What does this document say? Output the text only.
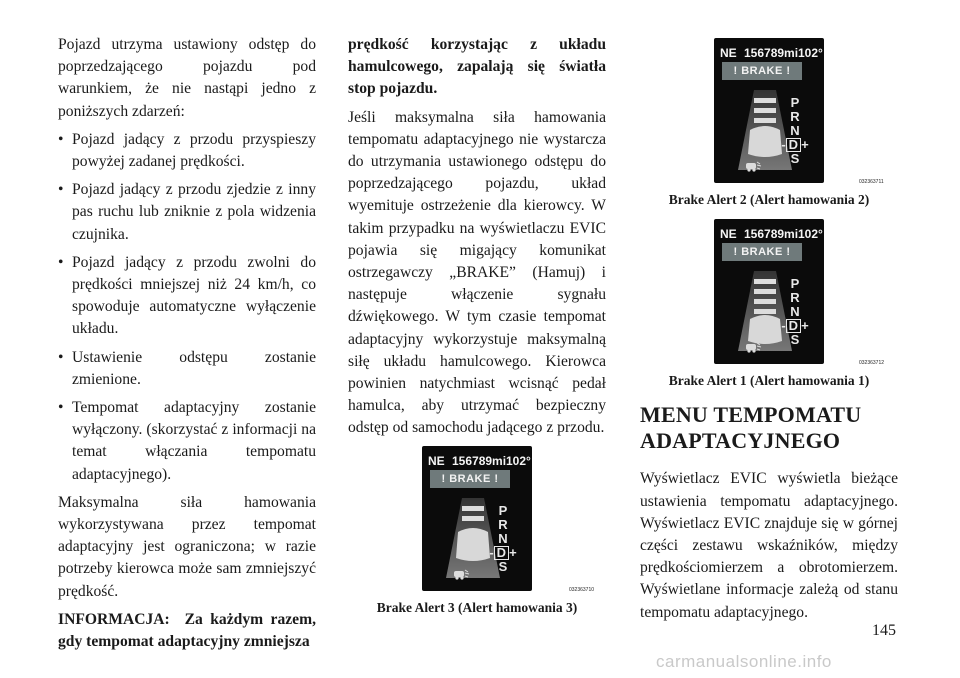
Pojazd utrzyma ustawiony odstęp do poprzedzającego pojazdu pod warunkiem, że nie nastąpi jedno z poniższych zdarzeń:

• Pojazd jadący z przodu przyspieszy powyżej zadanej prędkości.
• Pojazd jadący z przodu zjedzie z inny pas ruchu lub zniknie z pola widzenia czujnika.
• Pojazd jadący z przodu zwolni do prędkości mniejszej niż 24 km/h, co spowoduje automatyczne wyłączenie układu.
• Ustawienie odstępu zostanie zmienione.
• Tempomat adaptacyjny zostanie wyłączony. (skorzystać z informacji na temat włączania tempomatu adaptacyjnego).

Maksymalna siła hamowania wykorzystywana przez tempomat adaptacyjny jest ograniczona; w razie potrzeby kierowca może sam zmniejszyć prędkość.

INFORMACJA: Za każdym razem, gdy tempomat adaptacyjny zmniejsza

prędkość korzystając z układu hamulcowego, zapalają się światła stop pojazdu.

Jeśli maksymalna siła hamowania tempomatu adaptacyjnego nie wystarcza do utrzymania ustawionego odstępu do poprzedzającego pojazdu, układ wyemituje ostrzeżenie dla kierowcy. W takim przypadku na wyświetlaczu EVIC pojawia się migający komunikat ostrzegawczy „BRAKE” (Hamuj) i następuje włączenie sygnału dźwiękowego. W tym czasie tempomat adaptacyjny wykorzystuje maksymalną siłę układu hamulcowego. Kierowca powinien natychmiast wcisnąć pedał hamulca, aby utrzymać bezpieczny odstęp od samochodu jadącego z przodu.

NE 156789mi 102°
! BRAKE !
P
R
N
- D +
S
032363710
Brake Alert 3 (Alert hamowania 3)
NE 156789mi 102°
! BRAKE !
P
R
N
- D +
S
032363711
Brake Alert 2 (Alert hamowania 2)
NE 156789mi 102°
! BRAKE !
P
R
N
- D +
S
032363712
Brake Alert 1 (Alert hamowania 1)
MENU TEMPOMATU
ADAPTACYJNEGO

Wyświetlacz EVIC wyświetla bieżące ustawienia tempomatu adaptacyjnego. Wyświetlacz EVIC znajduje się w górnej części zestawu wskaźników, między prędkościomierzem a obrotomierzem. Wyświetlane informacje zależą od stanu tempomatu adaptacyjnego.

145
carmanualsonline.info
